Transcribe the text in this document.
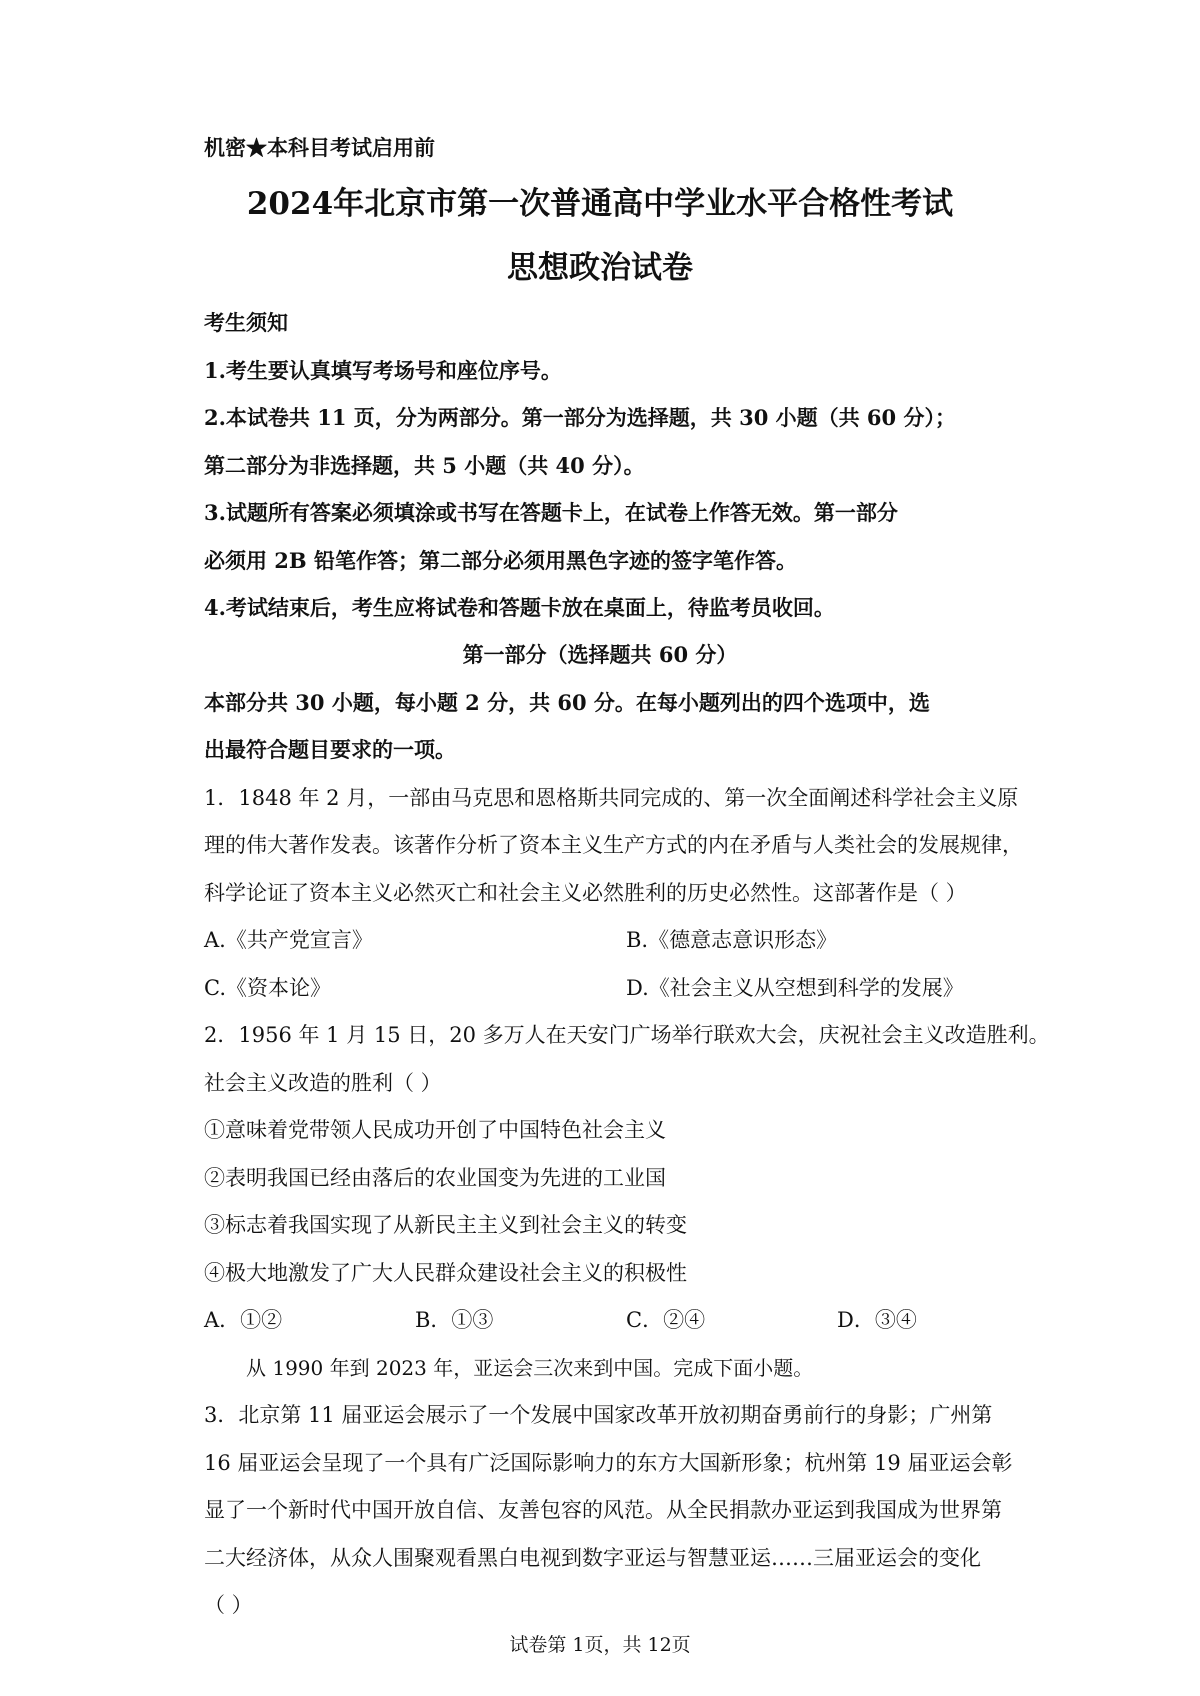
机密★本科目考试启用前
2024年北京市第一次普通高中学业水平合格性考试
思想政治试卷
考生须知
1.考生要认真填写考场号和座位序号。
2.本试卷共 11 页，分为两部分。第一部分为选择题，共 30 小题（共 60 分）；
第二部分为非选择题，共 5 小题（共 40 分）。
3.试题所有答案必须填涂或书写在答题卡上，在试卷上作答无效。第一部分
必须用 2B 铅笔作答；第二部分必须用黑色字迹的签字笔作答。
4.考试结束后，考生应将试卷和答题卡放在桌面上，待监考员收回。
第一部分（选择题共 60 分）
本部分共 30 小题，每小题 2 分，共 60 分。在每小题列出的四个选项中，选
出最符合题目要求的一项。
1．1848 年 2 月，一部由马克思和恩格斯共同完成的、第一次全面阐述科学社会主义原
理的伟大著作发表。该著作分析了资本主义生产方式的内在矛盾与人类社会的发展规律，
科学论证了资本主义必然灭亡和社会主义必然胜利的历史必然性。这部著作是（ ）
A.《共产党宣言》	B.《德意志意识形态》
C.《资本论》	D.《社会主义从空想到科学的发展》
2．1956 年 1 月 15 日，20 多万人在天安门广场举行联欢大会，庆祝社会主义改造胜利。
社会主义改造的胜利（ ）
①意味着党带领人民成功开创了中国特色社会主义
②表明我国已经由落后的农业国变为先进的工业国
③标志着我国实现了从新民主主义到社会主义的转变
④极大地激发了广大人民群众建设社会主义的积极性
A．①②	B．①③	C．②④	D．③④
从 1990 年到 2023 年，亚运会三次来到中国。完成下面小题。
3．北京第 11 届亚运会展示了一个发展中国家改革开放初期奋勇前行的身影；广州第
16 届亚运会呈现了一个具有广泛国际影响力的东方大国新形象；杭州第 19 届亚运会彰
显了一个新时代中国开放自信、友善包容的风范。从全民捐款办亚运到我国成为世界第
二大经济体，从众人围聚观看黑白电视到数字亚运与智慧亚运……三届亚运会的变化
（ ）
试卷第 1页，共 12页
